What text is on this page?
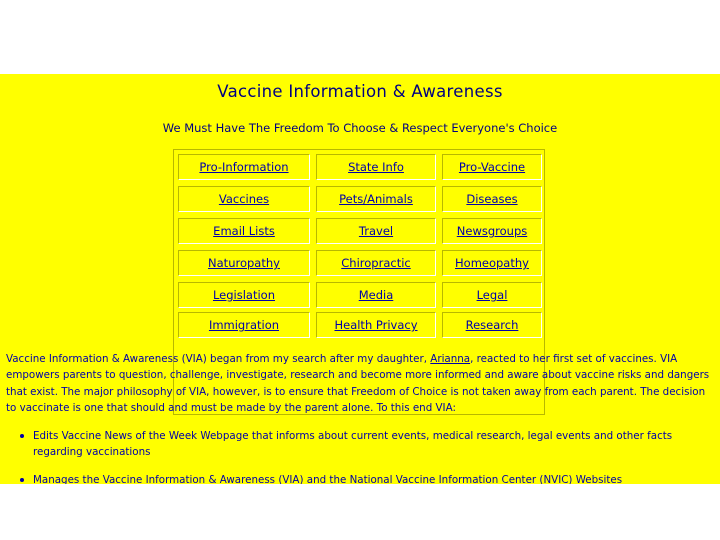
Vaccine Information & Awareness
We Must Have The Freedom To Choose & Respect Everyone's Choice
Pro-Information	State Info	Pro-Vaccine
Vaccines	Pets/Animals	Diseases
Email Lists	Travel	Newsgroups
Naturopathy	Chiropractic	Homeopathy
Legislation	Media	Legal
Immigration	Health Privacy	Research
Vaccine Information & Awareness (VIA) began from my search after my daughter, Arianna, reacted to her first set of vaccines. VIA empowers parents to question, challenge, investigate, research and become more informed and aware about vaccine risks and dangers that exist. The major philosophy of VIA, however, is to ensure that Freedom of Choice is not taken away from each parent. The decision to vaccinate is one that should and must be made by the parent alone. To this end VIA:
Edits Vaccine News of the Week Webpage that informs about current events, medical research, legal events and other facts regarding vaccinations
Manages the Vaccine Information & Awareness (VIA) and the National Vaccine Information Center (NVIC) Websites
